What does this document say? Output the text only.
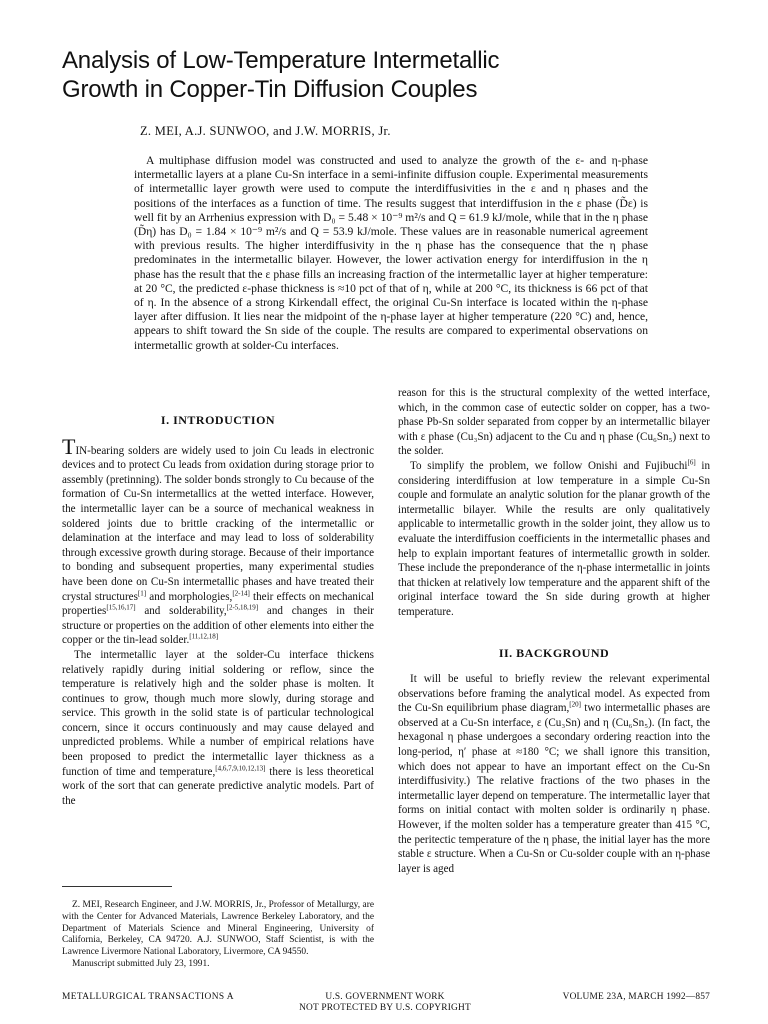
Analysis of Low-Temperature Intermetallic
Growth in Copper-Tin Diffusion Couples
Z. MEI, A.J. SUNWOO, and J.W. MORRIS, Jr.
A multiphase diffusion model was constructed and used to analyze the growth of the ε- and η-phase intermetallic layers at a plane Cu-Sn interface in a semi-infinite diffusion couple. Experimental measurements of intermetallic layer growth were used to compute the interdiffusivities in the ε and η phases and the positions of the interfaces as a function of time. The results suggest that interdiffusion in the ε phase (D̃ε) is well fit by an Arrhenius expression with D₀ = 5.48 × 10⁻⁹ m²/s and Q = 61.9 kJ/mole, while that in the η phase (D̃η) has D₀ = 1.84 × 10⁻⁹ m²/s and Q = 53.9 kJ/mole. These values are in reasonable numerical agreement with previous results. The higher interdiffusivity in the η phase has the consequence that the η phase predominates in the intermetallic bilayer. However, the lower activation energy for interdiffusion in the η phase has the result that the ε phase fills an increasing fraction of the intermetallic layer at higher temperature: at 20 °C, the predicted ε-phase thickness is ≈10 pct of that of η, while at 200 °C, its thickness is 66 pct of that of η. In the absence of a strong Kirkendall effect, the original Cu-Sn interface is located within the η-phase layer after diffusion. It lies near the midpoint of the η-phase layer at higher temperature (220 °C) and, hence, appears to shift toward the Sn side of the couple. The results are compared to experimental observations on intermetallic growth at solder-Cu interfaces.
I. INTRODUCTION

TIN-bearing solders are widely used to join Cu leads in electronic devices and to protect Cu leads from oxidation during storage prior to assembly (pretinning). The solder bonds strongly to Cu because of the formation of Cu-Sn intermetallics at the wetted interface. However, the intermetallic layer can be a source of mechanical weakness in soldered joints due to brittle cracking of the intermetallic or delamination at the interface and may lead to loss of solderability through excessive growth during storage. Because of their importance to bonding and subsequent properties, many experimental studies have been done on Cu-Sn intermetallic phases and have treated their crystal structures[1] and morphologies,[2-14] their effects on mechanical properties[15,16,17] and solderability,[2-5,18,19] and changes in their structure or properties on the addition of other elements into either the copper or the tin-lead solder.[11,12,18]

The intermetallic layer at the solder-Cu interface thickens relatively rapidly during initial soldering or reflow, since the temperature is relatively high and the solder phase is molten. It continues to grow, though much more slowly, during storage and service. This growth in the solid state is of particular technological concern, since it occurs continuously and may cause delayed and unpredicted problems. While a number of empirical relations have been proposed to predict the intermetallic layer thickness as a function of time and temperature,[4,6,7,9,10,12,13] there is less theoretical work of the sort that can generate predictive analytic models. Part of the

reason for this is the structural complexity of the wetted interface, which, in the common case of eutectic solder on copper, has a two-phase Pb-Sn solder separated from copper by an intermetallic bilayer with ε phase (Cu₃Sn) adjacent to the Cu and η phase (Cu₆Sn₅) next to the solder.

To simplify the problem, we follow Onishi and Fujibuchi[6] in considering interdiffusion at low temperature in a simple Cu-Sn couple and formulate an analytic solution for the planar growth of the intermetallic bilayer. While the results are only qualitatively applicable to intermetallic growth in the solder joint, they allow us to evaluate the interdiffusion coefficients in the intermetallic phases and help to explain important features of intermetallic growth in solder. These include the preponderance of the η-phase intermetallic in joints that thicken at relatively low temperature and the apparent shift of the original interface toward the Sn side during growth at higher temperature.

II. BACKGROUND

It will be useful to briefly review the relevant experimental observations before framing the analytical model. As expected from the Cu-Sn equilibrium phase diagram,[20] two intermetallic phases are observed at a Cu-Sn interface, ε (Cu₃Sn) and η (Cu₆Sn₅). (In fact, the hexagonal η phase undergoes a secondary ordering reaction into the long-period, η′ phase at ≈180 °C; we shall ignore this transition, which does not appear to have an important effect on the Cu-Sn interdiffusivity.) The relative fractions of the two phases in the intermetallic layer depend on temperature. The intermetallic layer that forms on initial contact with molten solder is ordinarily η phase. However, if the molten solder has a temperature greater than 415 °C, the peritectic temperature of the η phase, the initial layer has the more stable ε structure. When a Cu-Sn or Cu-solder couple with an η-phase layer is aged

Z. MEI, Research Engineer, and J.W. MORRIS, Jr., Professor of Metallurgy, are with the Center for Advanced Materials, Lawrence Berkeley Laboratory, and the Department of Materials Science and Mineral Engineering, University of California, Berkeley, CA 94720. A.J. SUNWOO, Staff Scientist, is with the Lawrence Livermore National Laboratory, Livermore, CA 94550.

Manuscript submitted July 23, 1991.

METALLURGICAL TRANSACTIONS A	U.S. GOVERNMENT WORK
NOT PROTECTED BY U.S. COPYRIGHT
VOLUME 23A, MARCH 1992—857
